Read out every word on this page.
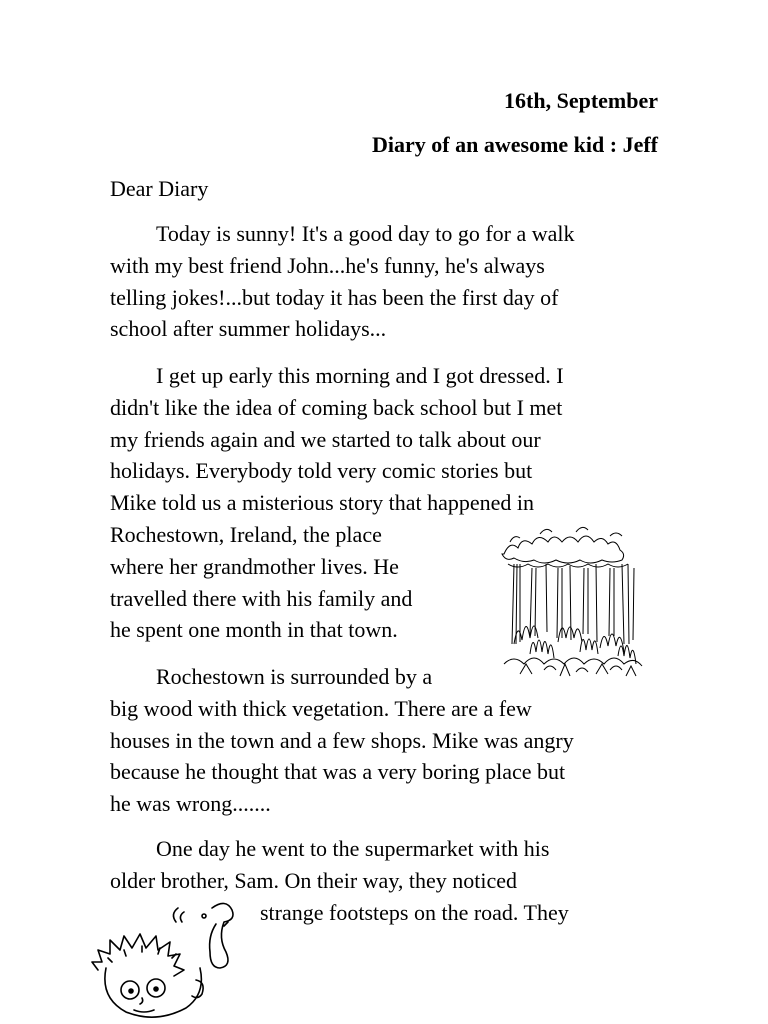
16th, September
Diary of an awesome kid : Jeff
Dear Diary

Today is sunny! It's a good day to go for a walk
with my best friend John...he's funny, he's always
telling jokes!...but today it has been the first day of
school after summer holidays...

I get up early this morning and I got dressed. I
didn't like the idea of coming back school but I met
my friends again and we started to talk about our
holidays. Everybody told very comic stories but
Mike told us a misterious story that happened in
Rochestown, Ireland, the place
where her grandmother lives. He
travelled there with his family and
he spent one month in that town.

Rochestown is surrounded by a
big wood with thick vegetation. There are a few
houses in the town and a few shops. Mike was angry
because he thought that was a very boring place but
he was wrong.......

One day he went to the supermarket with his
older brother, Sam. On their way, they noticed
strange footsteps on the road. They
